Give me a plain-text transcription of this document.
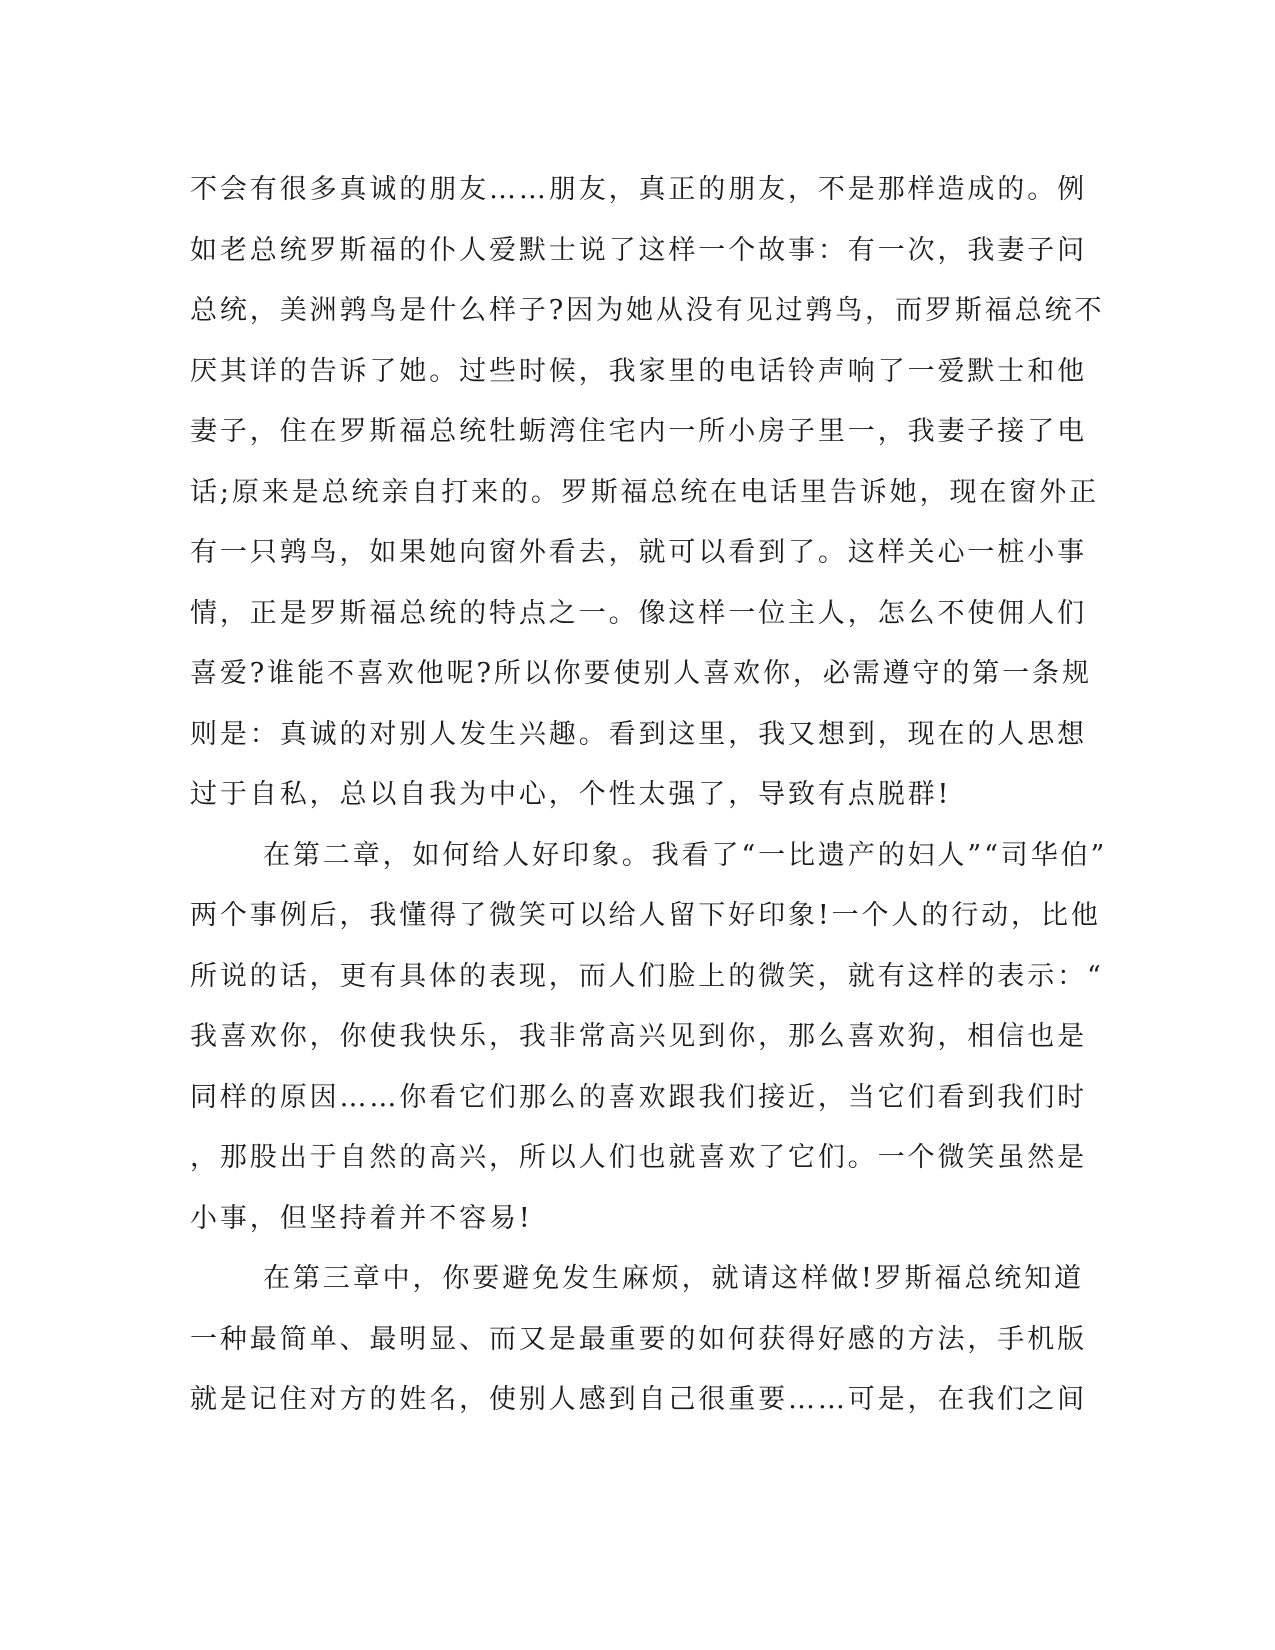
不会有很多真诚的朋友……朋友，真正的朋友，不是那样造成的。例
如老总统罗斯福的仆人爱默士说了这样一个故事：有一次，我妻子问
总统，美洲鹑鸟是什么样子?因为她从没有见过鹑鸟，而罗斯福总统不
厌其详的告诉了她。过些时候，我家里的电话铃声响了一爱默士和他
妻子，住在罗斯福总统牡蛎湾住宅内一所小房子里一，我妻子接了电
话;原来是总统亲自打来的。罗斯福总统在电话里告诉她，现在窗外正
有一只鹑鸟，如果她向窗外看去，就可以看到了。这样关心一桩小事
情，正是罗斯福总统的特点之一。像这样一位主人，怎么不使佣人们
喜爱?谁能不喜欢他呢?所以你要使别人喜欢你，必需遵守的第一条规
则是：真诚的对别人发生兴趣。看到这里，我又想到，现在的人思想
过于自私，总以自我为中心，个性太强了，导致有点脱群!
在第二章，如何给人好印象。我看了“一比遗产的妇人”“司华伯”
两个事例后，我懂得了微笑可以给人留下好印象!一个人的行动，比他
所说的话，更有具体的表现，而人们脸上的微笑，就有这样的表示：“
我喜欢你，你使我快乐，我非常高兴见到你，那么喜欢狗，相信也是
同样的原因……你看它们那么的喜欢跟我们接近，当它们看到我们时
，那股出于自然的高兴，所以人们也就喜欢了它们。一个微笑虽然是
小事，但坚持着并不容易!
在第三章中，你要避免发生麻烦，就请这样做!罗斯福总统知道
一种最简单、最明显、而又是最重要的如何获得好感的方法，手机版
就是记住对方的姓名，使别人感到自己很重要……可是，在我们之间
